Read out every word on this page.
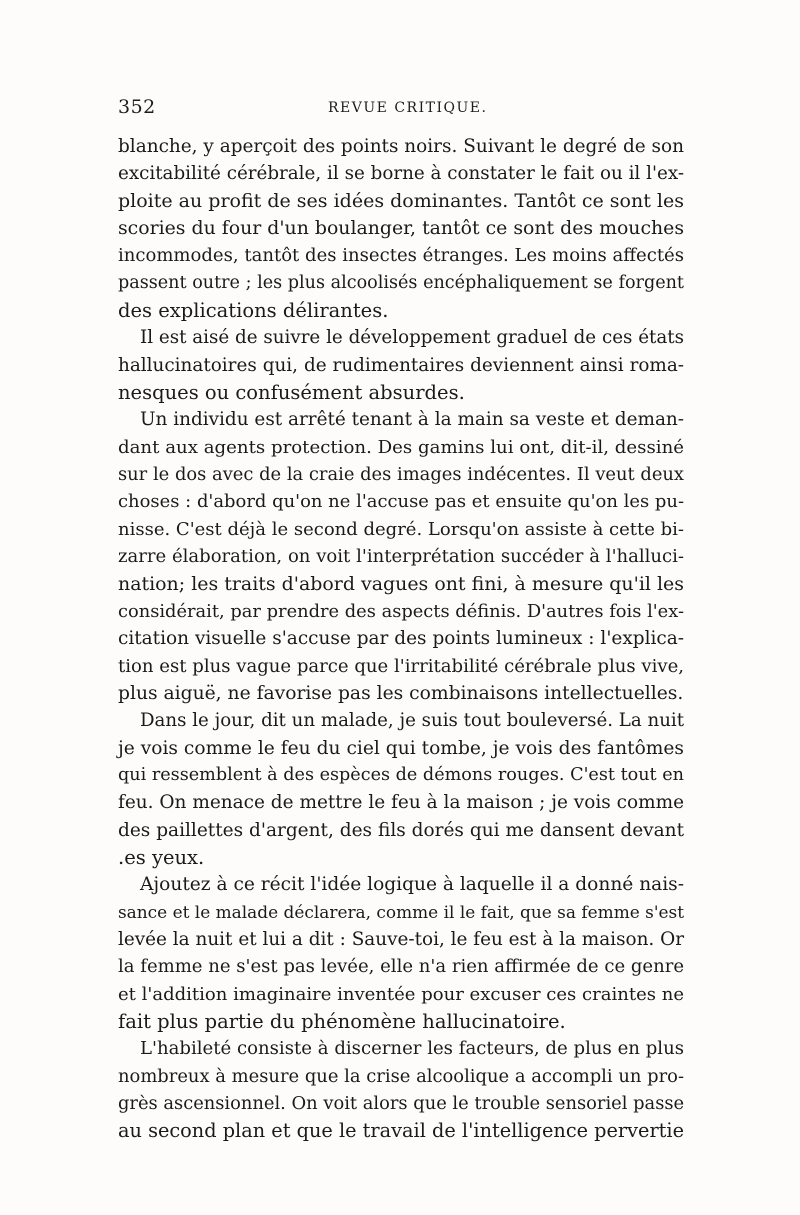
352	REVUE CRITIQUE.
blanche, y aperçoit des points noirs. Suivant le degré de son
excitabilité cérébrale, il se borne à constater le fait ou il l'ex-
ploite au profit de ses idées dominantes. Tantôt ce sont les
scories du four d'un boulanger, tantôt ce sont des mouches
incommodes, tantôt des insectes étranges. Les moins affectés
passent outre ; les plus alcoolisés encéphaliquement se forgent
des explications délirantes.
Il est aisé de suivre le développement graduel de ces états
hallucinatoires qui, de rudimentaires deviennent ainsi roma-
nesques ou confusément absurdes.
Un individu est arrêté tenant à la main sa veste et deman-
dant aux agents protection. Des gamins lui ont, dit-il, dessiné
sur le dos avec de la craie des images indécentes. Il veut deux
choses : d'abord qu'on ne l'accuse pas et ensuite qu'on les pu-
nisse. C'est déjà le second degré. Lorsqu'on assiste à cette bi-
zarre élaboration, on voit l'interprétation succéder à l'halluci-
nation; les traits d'abord vagues ont fini, à mesure qu'il les
considérait, par prendre des aspects définis. D'autres fois l'ex-
citation visuelle s'accuse par des points lumineux : l'explica-
tion est plus vague parce que l'irritabilité cérébrale plus vive,
plus aiguë, ne favorise pas les combinaisons intellectuelles.
Dans le jour, dit un malade, je suis tout bouleversé. La nuit
je vois comme le feu du ciel qui tombe, je vois des fantômes
qui ressemblent à des espèces de démons rouges. C'est tout en
feu. On menace de mettre le feu à la maison ; je vois comme
des paillettes d'argent, des fils dorés qui me dansent devant
.es yeux.
Ajoutez à ce récit l'idée logique à laquelle il a donné nais-
sance et le malade déclarera, comme il le fait, que sa femme s'est
levée la nuit et lui a dit : Sauve-toi, le feu est à la maison. Or
la femme ne s'est pas levée, elle n'a rien affirmée de ce genre
et l'addition imaginaire inventée pour excuser ces craintes ne
fait plus partie du phénomène hallucinatoire.
L'habileté consiste à discerner les facteurs, de plus en plus
nombreux à mesure que la crise alcoolique a accompli un pro-
grès ascensionnel. On voit alors que le trouble sensoriel passe
au second plan et que le travail de l'intelligence pervertie
